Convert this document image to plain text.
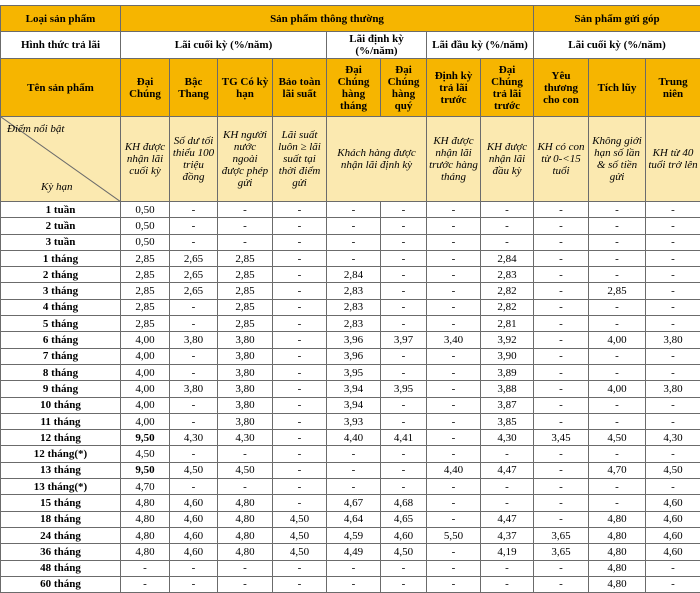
Loại sản phẩm	Sản phẩm thông thường								Sản phẩm gửi góp		
Hình thức trả lãi	Lãi cuối kỳ (%/năm)				Lãi định kỳ (%/năm)		Lãi đầu kỳ (%/năm)		Lãi cuối kỳ (%/năm)		
Tên sản phẩm	Đại Chúng	Bậc Thang	TG Có kỳ hạn	Bảo toàn lãi suất	Đại Chúng hàng tháng	Đại Chúng hàng quý	Định kỳ trả lãi trước	Đại Chúng trả lãi trước	Yêu thương cho con	Tích lũy	Trung niên

Điểm nổi bật
Kỳ hạn	KH được nhận lãi cuối kỳ	Số dư tối thiểu 100 triệu đồng	KH người nước ngoài được phép gửi	Lãi suất luôn ≥ lãi suất tại thời điểm gửi	Khách hàng được nhận lãi định kỳ		KH được nhận lãi trước hàng tháng	KH được nhận lãi đầu kỳ	KH có con từ 0-<15 tuổi	Không giới hạn số lần & số tiền gửi	KH từ 40 tuổi trở lên
1 tuần	0,50	-	-	-	-	-	-	-	-	-	-
2 tuần	0,50	-	-	-	-	-	-	-	-	-	-
3 tuần	0,50	-	-	-	-	-	-	-	-	-	-
1 tháng	2,85	2,65	2,85	-	-	-	-	2,84	-	-	-
2 tháng	2,85	2,65	2,85	-	2,84	-	-	2,83	-	-	-
3 tháng	2,85	2,65	2,85	-	2,83	-	-	2,82	-	2,85	-
4 tháng	2,85	-	2,85	-	2,83	-	-	2,82	-	-	-
5 tháng	2,85	-	2,85	-	2,83	-	-	2,81	-	-	-
6 tháng	4,00	3,80	3,80	-	3,96	3,97	3,40	3,92	-	4,00	3,80
7 tháng	4,00	-	3,80	-	3,96	-	-	3,90	-	-	-
8 tháng	4,00	-	3,80	-	3,95	-	-	3,89	-	-	-
9 tháng	4,00	3,80	3,80	-	3,94	3,95	-	3,88	-	4,00	3,80
10 tháng	4,00	-	3,80	-	3,94	-	-	3,87	-	-	-
11 tháng	4,00	-	3,80	-	3,93	-	-	3,85	-	-	-
12 tháng	9,50	4,30	4,30	-	4,40	4,41	-	4,30	3,45	4,50	4,30
12 tháng(*)	4,50	-	-	-	-	-	-	-	-	-	-
13 tháng	9,50	4,50	4,50	-	-	-	4,40	4,47	-	4,70	4,50
13 tháng(*)	4,70	-	-	-	-	-	-	-	-	-	-
15 tháng	4,80	4,60	4,80	-	4,67	4,68	-	-	-	-	4,60
18 tháng	4,80	4,60	4,80	4,50	4,64	4,65	-	4,47	-	4,80	4,60
24 tháng	4,80	4,60	4,80	4,50	4,59	4,60	5,50	4,37	3,65	4,80	4,60
36 tháng	4,80	4,60	4,80	4,50	4,49	4,50	-	4,19	3,65	4,80	4,60
48 tháng	-	-	-	-	-	-	-	-	-	4,80	-
60 tháng	-	-	-	-	-	-	-	-	-	4,80	-
